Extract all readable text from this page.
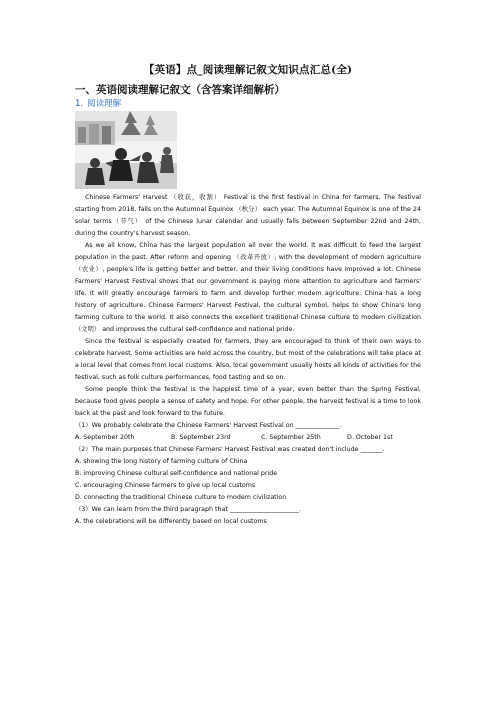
【英语】点_阅读理解记叙文知识点汇总(全)
一、英语阅读理解记叙文（含答案详细解析）
1. 阅读理解

Chinese Farmers' Harvest （收获，收割） Festival is the first festival in China for farmers. The festival starting from 2018, falls on the Autumnal Equinox （秋分） each year. The Autumnal Equinox is one of the 24 solar terms（节气） of the Chinese lunar calendar and usually falls between September 22nd and 24th, during the country's harvest season.

As we all know, China has the largest population all over the world. It was difficult to feed the largest population in the past. After reform and opening （改革开放）, with the development of modern agriculture （农业）, people's life is getting better and better, and their living conditions have improved a lot. Chinese Farmers' Harvest Festival shows that our government is paying more attention to agriculture and farmers' life. It will greatly encourage farmers to farm and develop further modem agriculture. China has a long history of agriculture. Chinese Farmers' Harvest Festival, the cultural symbol, helps to show China's long farming culture to the world. It also connects the excellent traditional Chinese culture to modem civilization （文明） and improves the cultural self-confidence and national pride.

Since the festival is especially created for farmers, they are encouraged to think of their own ways to celebrate harvest. Some activities are held across the country, but most of the celebrations will take place at a local level that comes from local customs. Also, local government usually hosts all kinds of activities for the festival, such as folk culture performances, food tasting and so on.

Some people think the festival is the happiest time of a year, even better than the Spring Festival, because food gives people a sense of safety and hope. For other people, the harvest festival is a time to look back at the past and look forward to the future.

（1）We probably celebrate the Chinese Farmers' Harvest Festival on ______________.
A. September 20th	B. September 23rd	C. September 25th	D. October 1st
（2）The main purposes that Chinese Farmers' Harvest Festival was created don't include _______.
A. showing the long history of farming culture of China
B. improving Chinese cultural self-confidence and national pride
C. encouraging Chinese farmers to give up local customs
D. connecting the traditional Chinese culture to modem civilization
（3）We can learn from the third paragraph that ______________________.
A. the celebrations will be differently based on local customs
